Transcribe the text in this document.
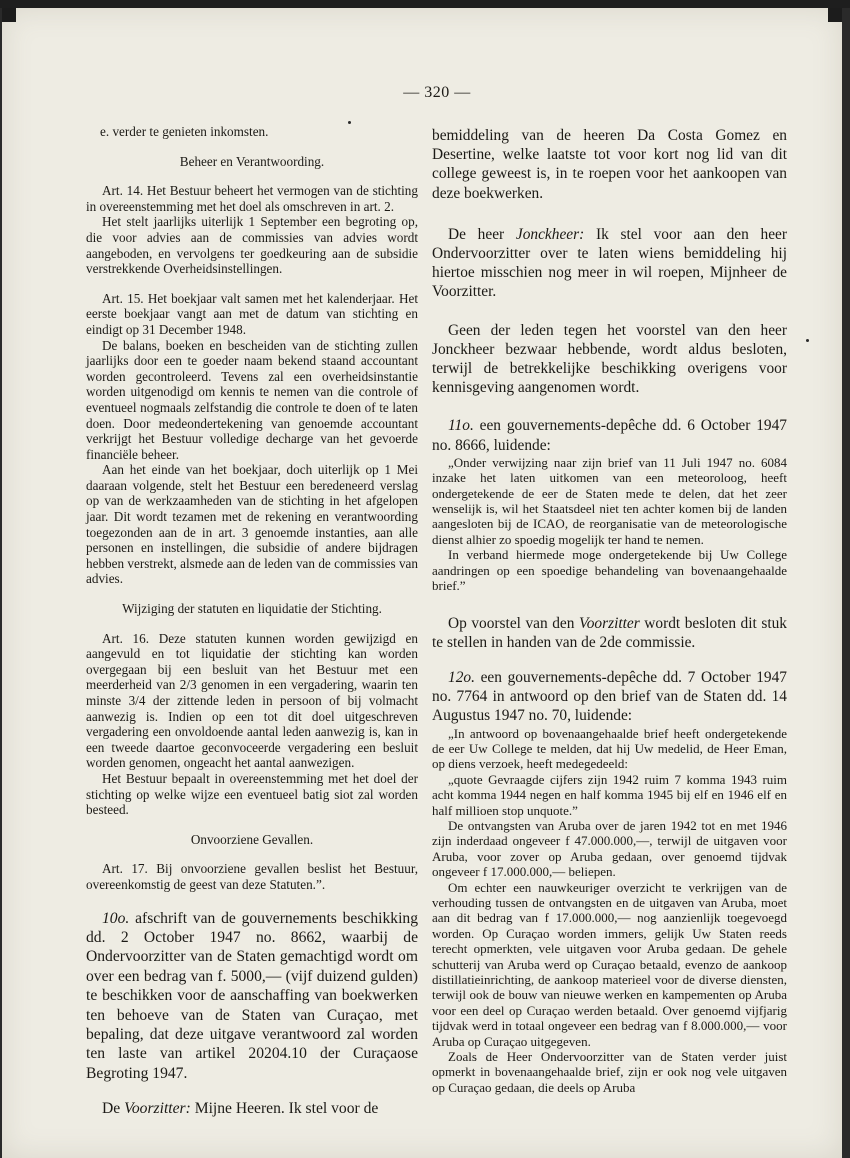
— 320 —

e. verder te genieten inkomsten.

Beheer en Verantwoording.

Art. 14. Het Bestuur beheert het vermogen van de stichting in overeenstemming met het doel als omschreven in art. 2.

Het stelt jaarlijks uiterlijk 1 September een begroting op, die voor advies aan de commissies van advies wordt aangeboden, en vervolgens ter goedkeuring aan de subsidie verstrekkende Overheidsinstellingen.

Art. 15. Het boekjaar valt samen met het kalenderjaar. Het eerste boekjaar vangt aan met de datum van stichting en eindigt op 31 December 1948.

De balans, boeken en bescheiden van de stichting zullen jaarlijks door een te goeder naam bekend staand accountant worden gecontroleerd. Tevens zal een overheidsinstantie worden uitgenodigd om kennis te nemen van die controle of eventueel nogmaals zelfstandig die controle te doen of te laten doen. Door medeondertekening van genoemde accountant verkrijgt het Bestuur volledige decharge van het gevoerde financiële beheer.

Aan het einde van het boekjaar, doch uiterlijk op 1 Mei daaraan volgende, stelt het Bestuur een beredeneerd verslag op van de werkzaamheden van de stichting in het afgelopen jaar. Dit wordt tezamen met de rekening en verantwoording toegezonden aan de in art. 3 genoemde instanties, aan alle personen en instellingen, die subsidie of andere bijdragen hebben verstrekt, alsmede aan de leden van de commissies van advies.

Wijziging der statuten en liquidatie der Stichting.

Art. 16. Deze statuten kunnen worden gewijzigd en aangevuld en tot liquidatie der stichting kan worden overgegaan bij een besluit van het Bestuur met een meerderheid van 2/3 genomen in een vergadering, waarin ten minste 3/4 der zittende leden in persoon of bij volmacht aanwezig is. Indien op een tot dit doel uitgeschreven vergadering een onvoldoende aantal leden aanwezig is, kan in een tweede daartoe geconvoceerde vergadering een besluit worden genomen, ongeacht het aantal aanwezigen.

Het Bestuur bepaalt in overeenstemming met het doel der stichting op welke wijze een eventueel batig siot zal worden besteed.

Onvoorziene Gevallen.

Art. 17. Bij onvoorziene gevallen beslist het Bestuur, overeenkomstig de geest van deze Statuten.”.

10o. afschrift van de gouvernements beschikking dd. 2 October 1947 no. 8662, waarbij de Ondervoorzitter van de Staten gemachtigd wordt om over een bedrag van f. 5000,— (vijf duizend gulden) te beschikken voor de aanschaffing van boekwerken ten behoeve van de Staten van Curaçao, met bepaling, dat deze uitgave verantwoord zal worden ten laste van artikel 20204.10 der Curaçaose Begroting 1947.

De Voorzitter: Mijne Heeren. Ik stel voor de

bemiddeling van de heeren Da Costa Gomez en Desertine, welke laatste tot voor kort nog lid van dit college geweest is, in te roepen voor het aankoopen van deze boekwerken.

De heer Jonckheer: Ik stel voor aan den heer Ondervoorzitter over te laten wiens bemiddeling hij hiertoe misschien nog meer in wil roepen, Mijnheer de Voorzitter.

Geen der leden tegen het voorstel van den heer Jonckheer bezwaar hebbende, wordt aldus besloten, terwijl de betrekkelijke beschikking overigens voor kennisgeving aangenomen wordt.

11o. een gouvernements-depêche dd. 6 October 1947 no. 8666, luidende:

„Onder verwijzing naar zijn brief van 11 Juli 1947 no. 6084 inzake het laten uitkomen van een meteoroloog, heeft ondergetekende de eer de Staten mede te delen, dat het zeer wenselijk is, wil het Staatsdeel niet ten achter komen bij de landen aangesloten bij de ICAO, de reorganisatie van de meteorologische dienst alhier zo spoedig mogelijk ter hand te nemen.

In verband hiermede moge ondergetekende bij Uw College aandringen op een spoedige behandeling van bovenaangehaalde brief.”

Op voorstel van den Voorzitter wordt besloten dit stuk te stellen in handen van de 2de commissie.

12o. een gouvernements-depêche dd. 7 October 1947 no. 7764 in antwoord op den brief van de Staten dd. 14 Augustus 1947 no. 70, luidende:

„In antwoord op bovenaangehaalde brief heeft ondergetekende de eer Uw College te melden, dat hij Uw medelid, de Heer Eman, op diens verzoek, heeft medegedeeld:

„quote Gevraagde cijfers zijn 1942 ruim 7 komma 1943 ruim acht komma 1944 negen en half komma 1945 bij elf en 1946 elf en half millioen stop unquote.”

De ontvangsten van Aruba over de jaren 1942 tot en met 1946 zijn inderdaad ongeveer f 47.000.000,—, terwijl de uitgaven voor Aruba, voor zover op Aruba gedaan, over genoemd tijdvak ongeveer f 17.000.000,— beliepen.

Om echter een nauwkeuriger overzicht te verkrijgen van de verhouding tussen de ontvangsten en de uitgaven van Aruba, moet aan dit bedrag van f 17.000.000,— nog aanzienlijk toegevoegd worden. Op Curaçao worden immers, gelijk Uw Staten reeds terecht opmerkten, vele uitgaven voor Aruba gedaan. De gehele schutterij van Aruba werd op Curaçao betaald, evenzo de aankoop distillatieinrichting, de aankoop materieel voor de diverse diensten, terwijl ook de bouw van nieuwe werken en kampementen op Aruba voor een deel op Curaçao werden betaald. Over genoemd vijfjarig tijdvak werd in totaal ongeveer een bedrag van f 8.000.000,— voor Aruba op Curaçao uitgegeven.

Zoals de Heer Ondervoorzitter van de Staten verder juist opmerkt in bovenaangehaalde brief, zijn er ook nog vele uitgaven op Curaçao gedaan, die deels op Aruba
